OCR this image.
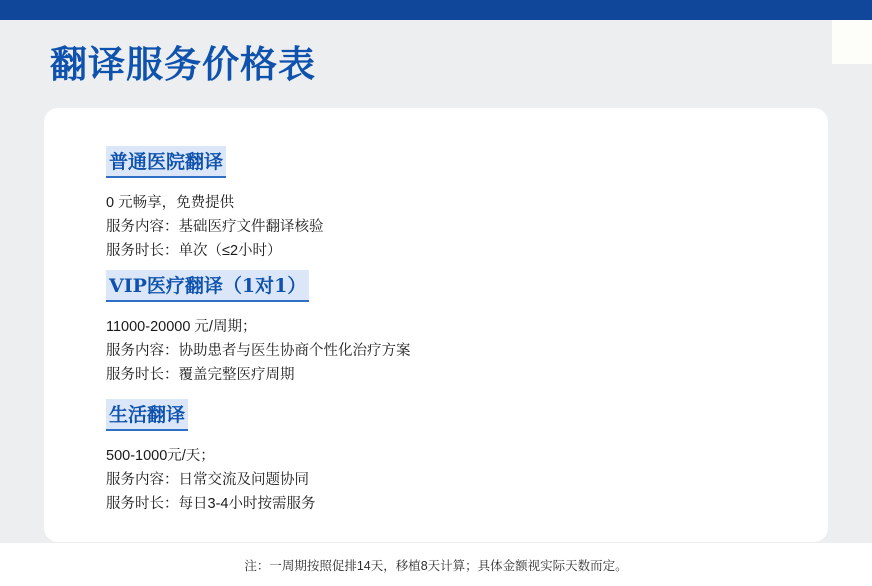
翻译服务价格表
普通医院翻译
0 元畅享，免费提供
服务内容：基础医疗文件翻译核验
服务时长：单次（≤2小时）
VIP医疗翻译（1对1）
11000-20000 元/周期；
服务内容：协助患者与医生协商个性化治疗方案
服务时长：覆盖完整医疗周期
生活翻译
500-1000元/天；
服务内容：日常交流及问题协同
服务时长：每日3-4小时按需服务
注：一周期按照促排14天，移植8天计算；具体金额视实际天数而定。
